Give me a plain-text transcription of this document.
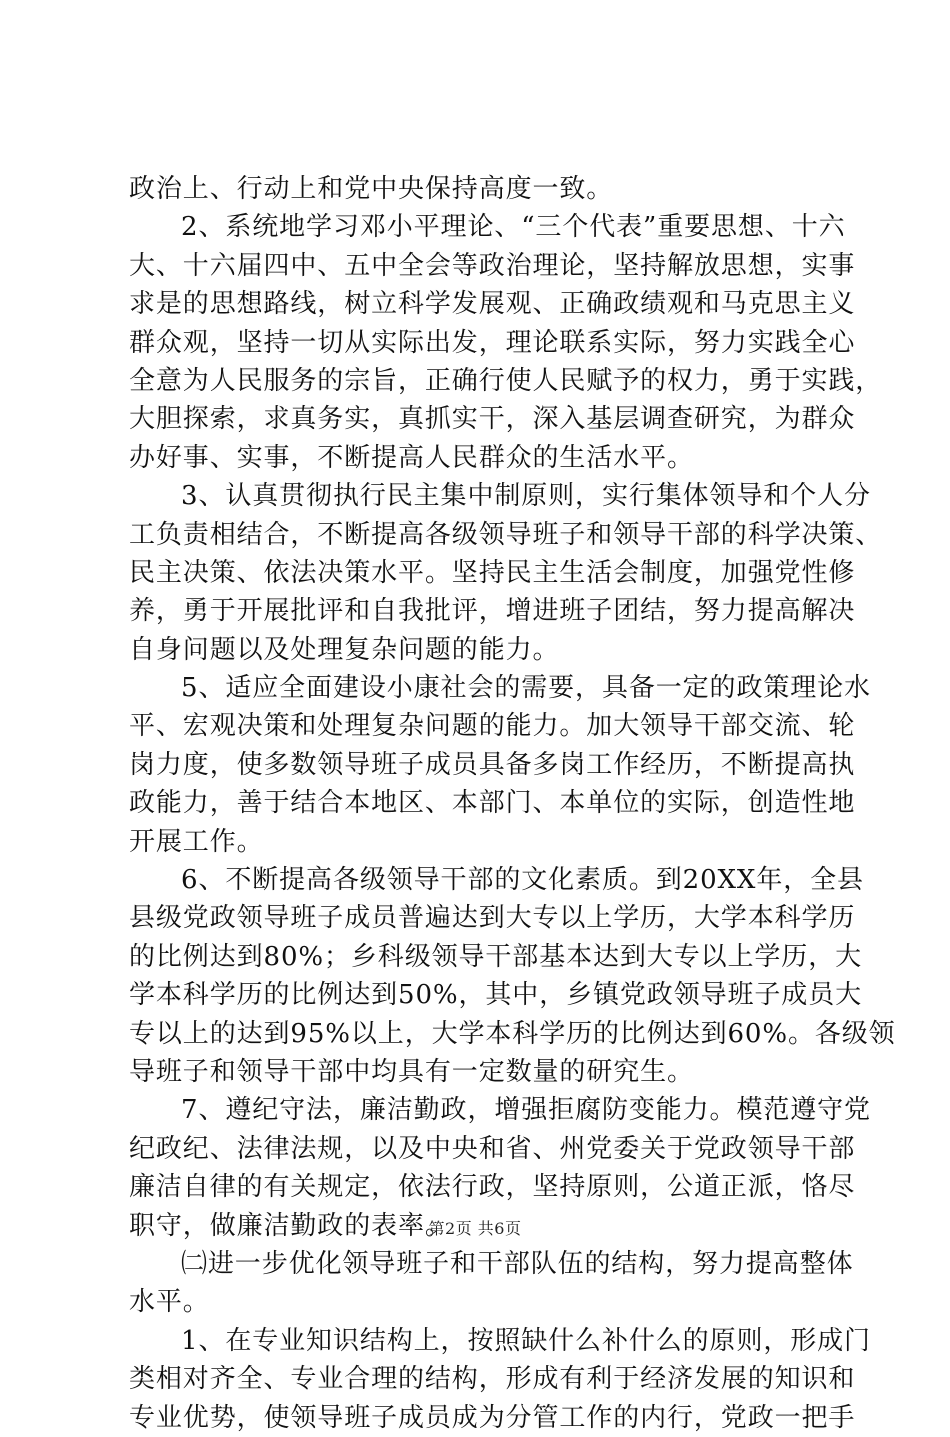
政治上、行动上和党中央保持高度一致。
2、系统地学习邓小平理论、“三个代表”重要思想、十六
大、十六届四中、五中全会等政治理论，坚持解放思想，实事
求是的思想路线，树立科学发展观、正确政绩观和马克思主义
群众观，坚持一切从实际出发，理论联系实际，努力实践全心
全意为人民服务的宗旨，正确行使人民赋予的权力，勇于实践，
大胆探索，求真务实，真抓实干，深入基层调查研究，为群众
办好事、实事，不断提高人民群众的生活水平。
3、认真贯彻执行民主集中制原则，实行集体领导和个人分
工负责相结合，不断提高各级领导班子和领导干部的科学决策、
民主决策、依法决策水平。坚持民主生活会制度，加强党性修
养，勇于开展批评和自我批评，增进班子团结，努力提高解决
自身问题以及处理复杂问题的能力。
5、适应全面建设小康社会的需要，具备一定的政策理论水
平、宏观决策和处理复杂问题的能力。加大领导干部交流、轮
岗力度，使多数领导班子成员具备多岗工作经历，不断提高执
政能力，善于结合本地区、本部门、本单位的实际，创造性地
开展工作。
6、不断提高各级领导干部的文化素质。到20XX年，全县
县级党政领导班子成员普遍达到大专以上学历，大学本科学历
的比例达到80%；乡科级领导干部基本达到大专以上学历，大
学本科学历的比例达到50%，其中，乡镇党政领导班子成员大
专以上的达到95%以上，大学本科学历的比例达到60%。各级领
导班子和领导干部中均具有一定数量的研究生。
7、遵纪守法，廉洁勤政，增强拒腐防变能力。模范遵守党
纪政纪、法律法规，以及中央和省、州党委关于党政领导干部
廉洁自律的有关规定，依法行政，坚持原则，公道正派，恪尽
职守，做廉洁勤政的表率。
㈡进一步优化领导班子和干部队伍的结构，努力提高整体
水平。
1、在专业知识结构上，按照缺什么补什么的原则，形成门
类相对齐全、专业合理的结构，形成有利于经济发展的知识和
专业优势，使领导班子成员成为分管工作的内行，党政一把手
第2页 共6页
